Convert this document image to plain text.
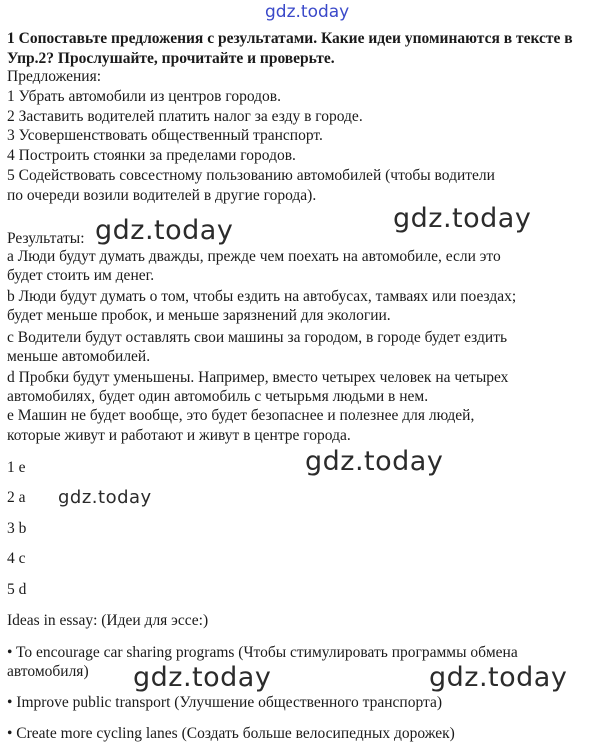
gdz.today
1 Сопоставьте предложения с результатами. Какие идеи упоминаются в тексте в Упр.2? Прослушайте, прочитайте и проверьте.
Предложения:
1 Убрать автомобили из центров городов.
2 Заставить водителей платить налог за езду в городе.
3 Усовершенствовать общественный транспорт.
4 Построить стоянки за пределами городов.
5 Содействовать совсестному пользованию автомобилей (чтобы водители
по очереди возили водителей в другие города).
gdz.today
Результаты: gdz.today
a Люди будут думать дважды, прежде чем поехать на автомобиле, если это
будет стоить им денег.
b Люди будут думать о том, чтобы ездить на автобусах, тамваях или поездах;
будет меньше пробок, и меньше зарязнений для экологии.
c Водители будут оставлять свои машины за городом, в городе будет ездить
меньше автомобилей.
d Пробки будут уменьшены. Например, вместо четырех человек на четырех
автомобилях, будет один автомобиль с четырьмя людьми в нем.
e Машин не будет вообще, это будет безопаснее и полезнее для людей,
которые живут и работают и живут в центре города.
gdz.today
1 e
2 a gdz.today
3 b
4 c
5 d
Ideas in essay: (Идеи для эссе:)
• To encourage car sharing programs (Чтобы стимулировать программы обмена
автомобиля) gdz.today	gdz.today
• Improve public transport (Улучшение общественного транспорта)
• Create more cycling lanes (Создать больше велосипедных дорожек)
